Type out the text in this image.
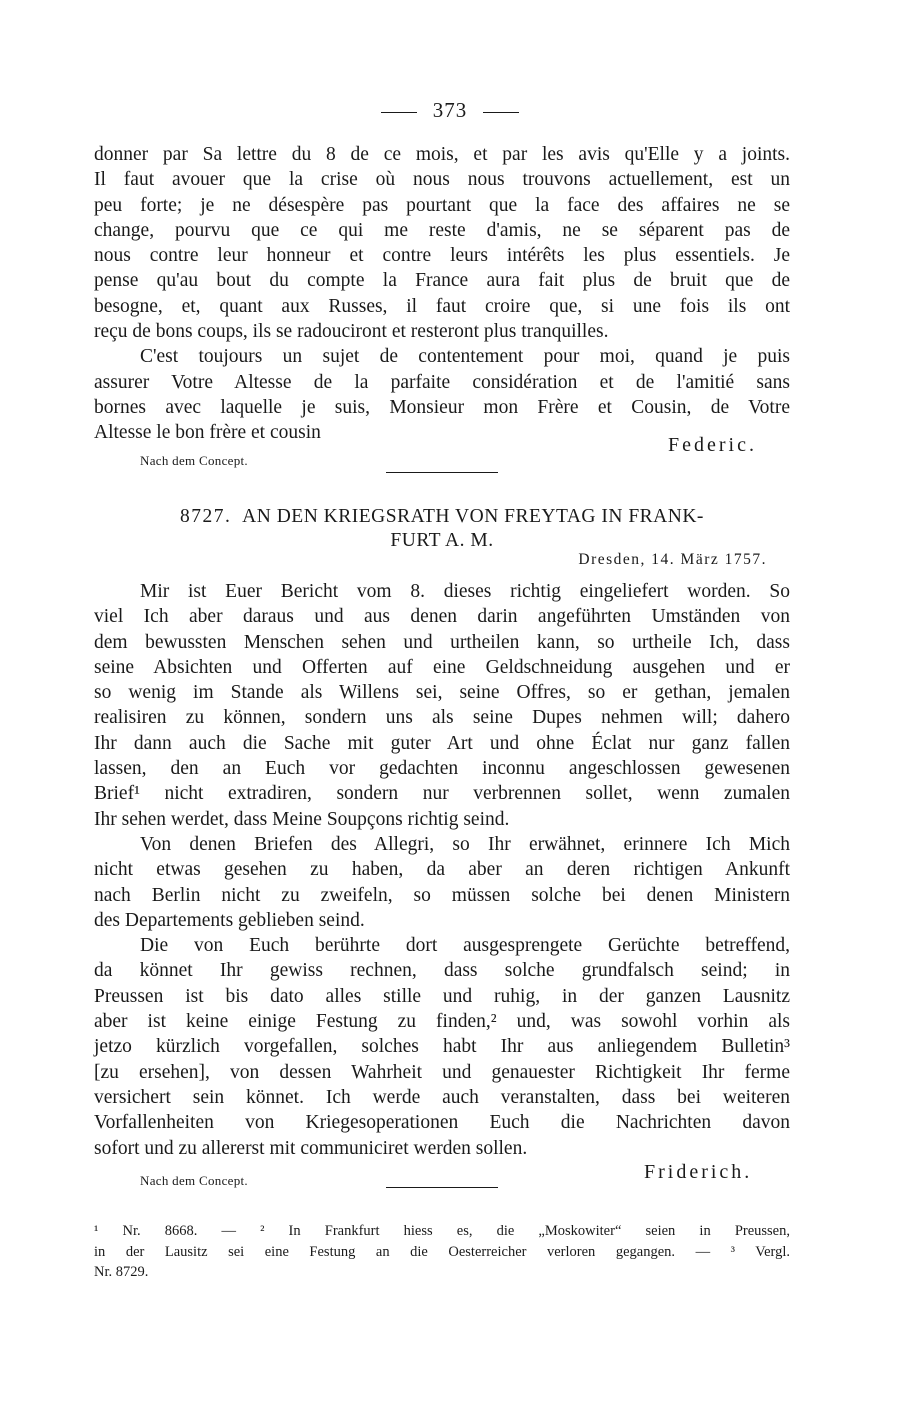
373
donner par Sa lettre du 8 de ce mois, et par les avis qu'Elle y a joints.
Il faut avouer que la crise où nous nous trouvons actuellement, est un
peu forte; je ne désespère pas pourtant que la face des affaires ne se
change, pourvu que ce qui me reste d'amis, ne se séparent pas de
nous contre leur honneur et contre leurs intérêts les plus essentiels. Je
pense qu'au bout du compte la France aura fait plus de bruit que de
besogne, et, quant aux Russes, il faut croire que, si une fois ils ont
reçu de bons coups, ils se radouciront et resteront plus tranquilles.
C'est toujours un sujet de contentement pour moi, quand je puis
assurer Votre Altesse de la parfaite considération et de l'amitié sans
bornes avec laquelle je suis, Monsieur mon Frère et Cousin, de Votre
Altesse le bon frère et cousin
Federic.
Nach dem Concept.
8727. AN DEN KRIEGSRATH VON FREYTAG IN FRANK-
FURT A. M.
Dresden, 14. März 1757.
Mir ist Euer Bericht vom 8. dieses richtig eingeliefert worden. So
viel Ich aber daraus und aus denen darin angeführten Umständen von
dem bewussten Menschen sehen und urtheilen kann, so urtheile Ich, dass
seine Absichten und Offerten auf eine Geldschneidung ausgehen und er
so wenig im Stande als Willens sei, seine Offres, so er gethan, jemalen
realisiren zu können, sondern uns als seine Dupes nehmen will; dahero
Ihr dann auch die Sache mit guter Art und ohne Éclat nur ganz fallen
lassen, den an Euch vor gedachten inconnu angeschlossen gewesenen
Brief¹ nicht extradiren, sondern nur verbrennen sollet, wenn zumalen
Ihr sehen werdet, dass Meine Soupçons richtig seind.
Von denen Briefen des Allegri, so Ihr erwähnet, erinnere Ich Mich
nicht etwas gesehen zu haben, da aber an deren richtigen Ankunft
nach Berlin nicht zu zweifeln, so müssen solche bei denen Ministern
des Departements geblieben seind.
Die von Euch berührte dort ausgesprengete Gerüchte betreffend,
da könnet Ihr gewiss rechnen, dass solche grundfalsch seind; in
Preussen ist bis dato alles stille und ruhig, in der ganzen Lausnitz
aber ist keine einige Festung zu finden,² und, was sowohl vorhin als
jetzo kürzlich vorgefallen, solches habt Ihr aus anliegendem Bulletin³
[zu ersehen], von dessen Wahrheit und genauester Richtigkeit Ihr ferme
versichert sein könnet. Ich werde auch veranstalten, dass bei weiteren
Vorfallenheiten von Kriegesoperationen Euch die Nachrichten davon
sofort und zu allererst mit communiciret werden sollen.
Nach dem Concept.	Friderich.
¹ Nr. 8668. — ² In Frankfurt hiess es, die „Moskowiter“ seien in Preussen,
in der Lausitz sei eine Festung an die Oesterreicher verloren gegangen. — ³ Vergl.
Nr. 8729.
